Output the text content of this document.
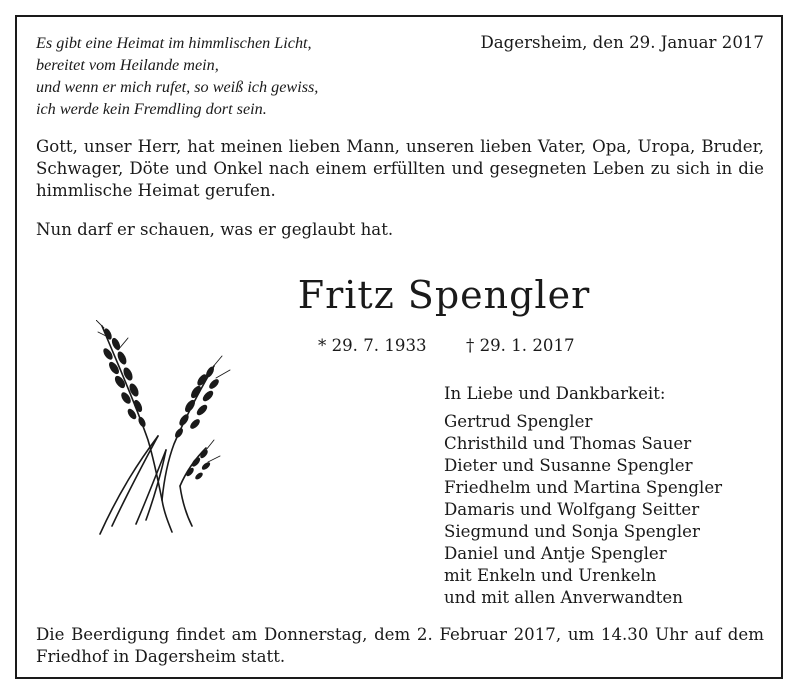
Es gibt eine Heimat im himmlischen Licht,
bereitet vom Heilande mein,
und wenn er mich rufet, so weiß ich gewiss,
ich werde kein Fremdling dort sein.
Dagersheim, den 29. Januar 2017
Gott, unser Herr, hat meinen lieben Mann, unseren lieben Vater, Opa, Uropa, Bruder, Schwager, Döte und Onkel nach einem erfüllten und gesegneten Leben zu sich in die himmlische Heimat gerufen.
Nun darf er schauen, was er geglaubt hat.
Fritz Spengler
* 29. 7. 1933 † 29. 1. 2017
In Liebe und Dankbarkeit:
Gertrud Spengler
Christhild und Thomas Sauer
Dieter und Susanne Spengler
Friedhelm und Martina Spengler
Damaris und Wolfgang Seitter
Siegmund und Sonja Spengler
Daniel und Antje Spengler
mit Enkeln und Urenkeln
und mit allen Anverwandten
Die Beerdigung findet am Donnerstag, dem 2. Februar 2017, um 14.30 Uhr auf dem Friedhof in Dagersheim statt.
